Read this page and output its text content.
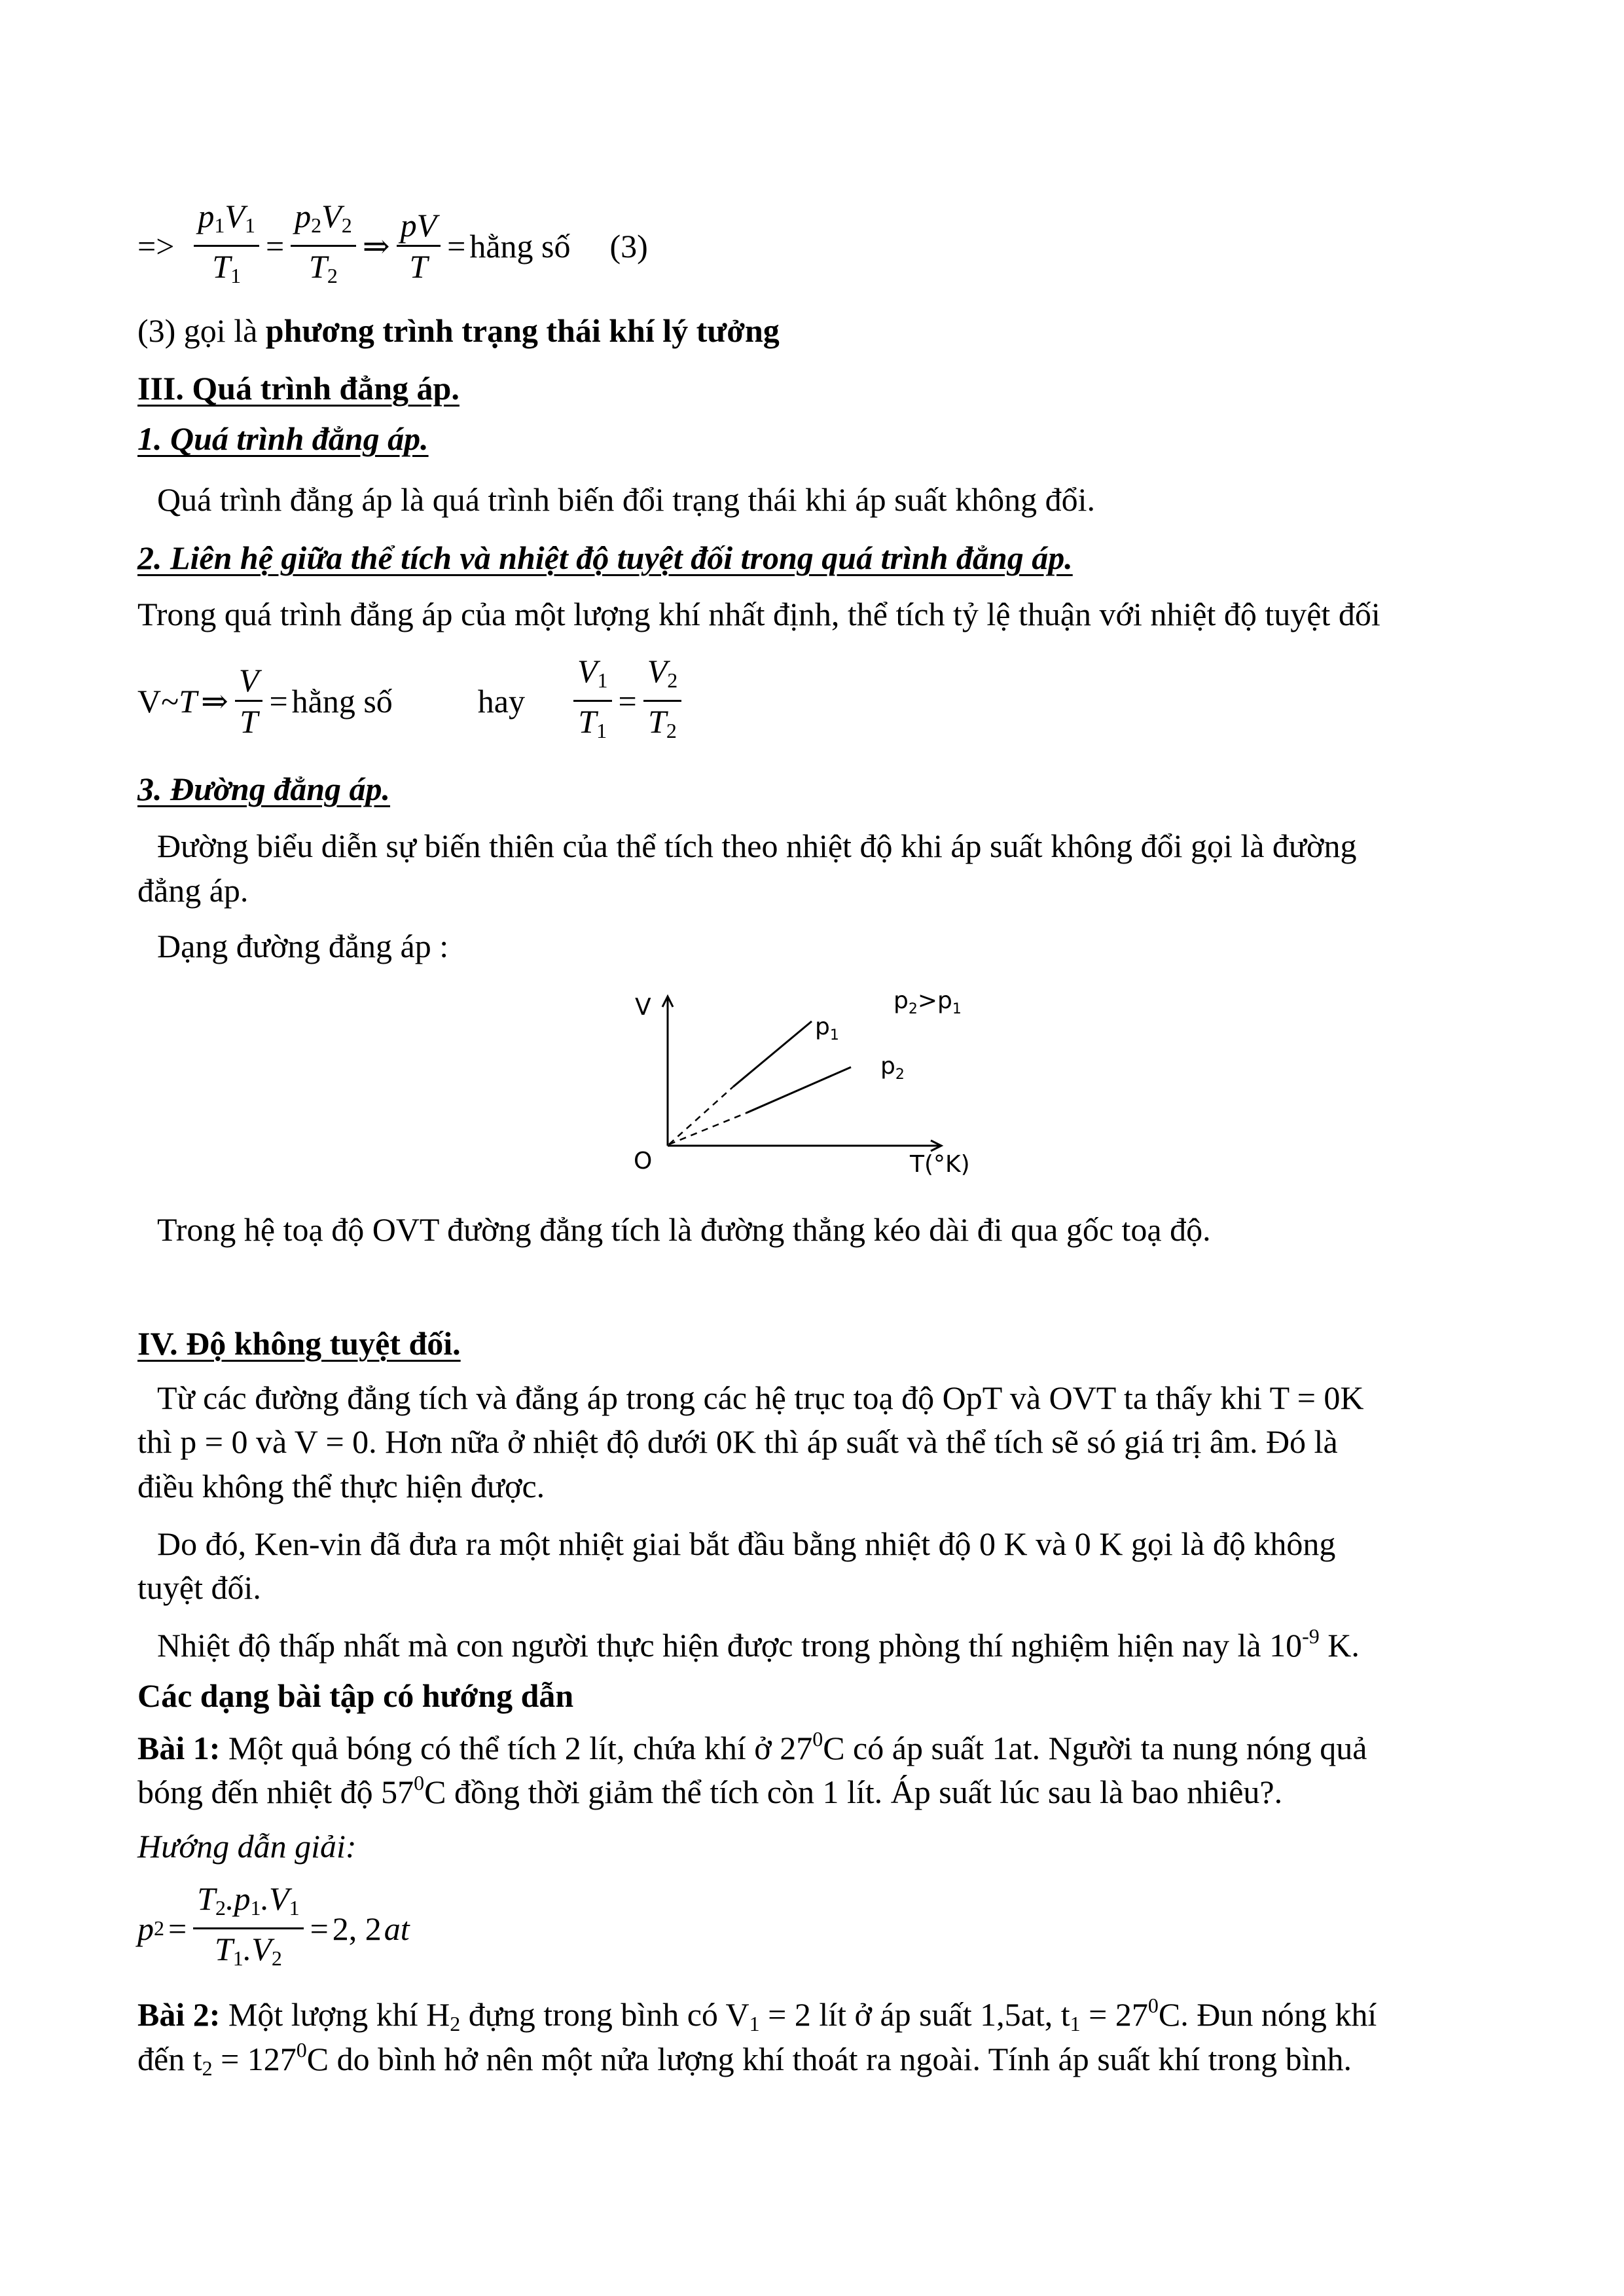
=> $\frac{p_1V_1}{T_1} = \frac{p_2V_2}{T_2}$ ⇒ $\frac{pV}{T}$ = hằng số (3)
(3) gọi là phương trình trạng thái khí lý tưởng
III. Quá trình đẳng áp.
1. Quá trình đẳng áp.
Quá trình đẳng áp là quá trình biến đổi trạng thái khi áp suất không đổi.
2. Liên hệ giữa thể tích và nhiệt độ tuyệt đối trong quá trình đẳng áp.
Trong quá trình đẳng áp của một lượng khí nhất định, thể tích tỷ lệ thuận với nhiệt độ tuyệt đối
V~ T ⇒ $\frac{V}{T}$ = hằng số	hay $\frac{V_1}{T_1} = \frac{V_2}{T_2}$
3. Đường đẳng áp.
Đường biểu diễn sự biến thiên của thể tích theo nhiệt độ khi áp suất không đổi gọi là đường
đẳng áp.
Dạng đường đẳng áp :
V
O	T(°K)
$p_1$
$p_2$
$p_2>p_1$
Trong hệ toạ độ OVT đường đẳng tích là đường thẳng kéo dài đi qua gốc toạ độ.
IV. Độ không tuyệt đối.
Từ các đường đẳng tích và đẳng áp trong các hệ trục toạ độ OpT và OVT ta thấy khi T = 0K
thì p = 0 và V = 0. Hơn nữa ở nhiệt độ dưới 0K thì áp suất và thể tích sẽ só giá trị âm. Đó là
điều không thể thực hiện được.
Do đó, Ken-vin đã đưa ra một nhiệt giai bắt đầu bằng nhiệt độ 0 K và 0 K gọi là độ không
tuyệt đối.
Nhiệt độ thấp nhất mà con người thực hiện được trong phòng thí nghiệm hiện nay là $10^{-9}$ K.
Các dạng bài tập có hướng dẫn
Bài 1: Một quả bóng có thể tích 2 lít, chứa khí ở $27^0C$ có áp suất 1at. Người ta nung nóng quả
bóng đến nhiệt độ $57^0C$ đồng thời giảm thể tích còn 1 lít. Áp suất lúc sau là bao nhiêu?.
Hướng dẫn giải:
p $2 = \frac{T_2.p_1.V_1}{T_1.V_2} = 2$, 2 at
Bài 2: Một lượng khí $H_2$ đựng trong bình có $V_1 = 2$ lít ở áp suất 1,5at, $t_1 = 27^0C$. Đun nóng khí
đến $t_2 = 127^0C$ do bình hở nên một nửa lượng khí thoát ra ngoài. Tính áp suất khí trong bình.
